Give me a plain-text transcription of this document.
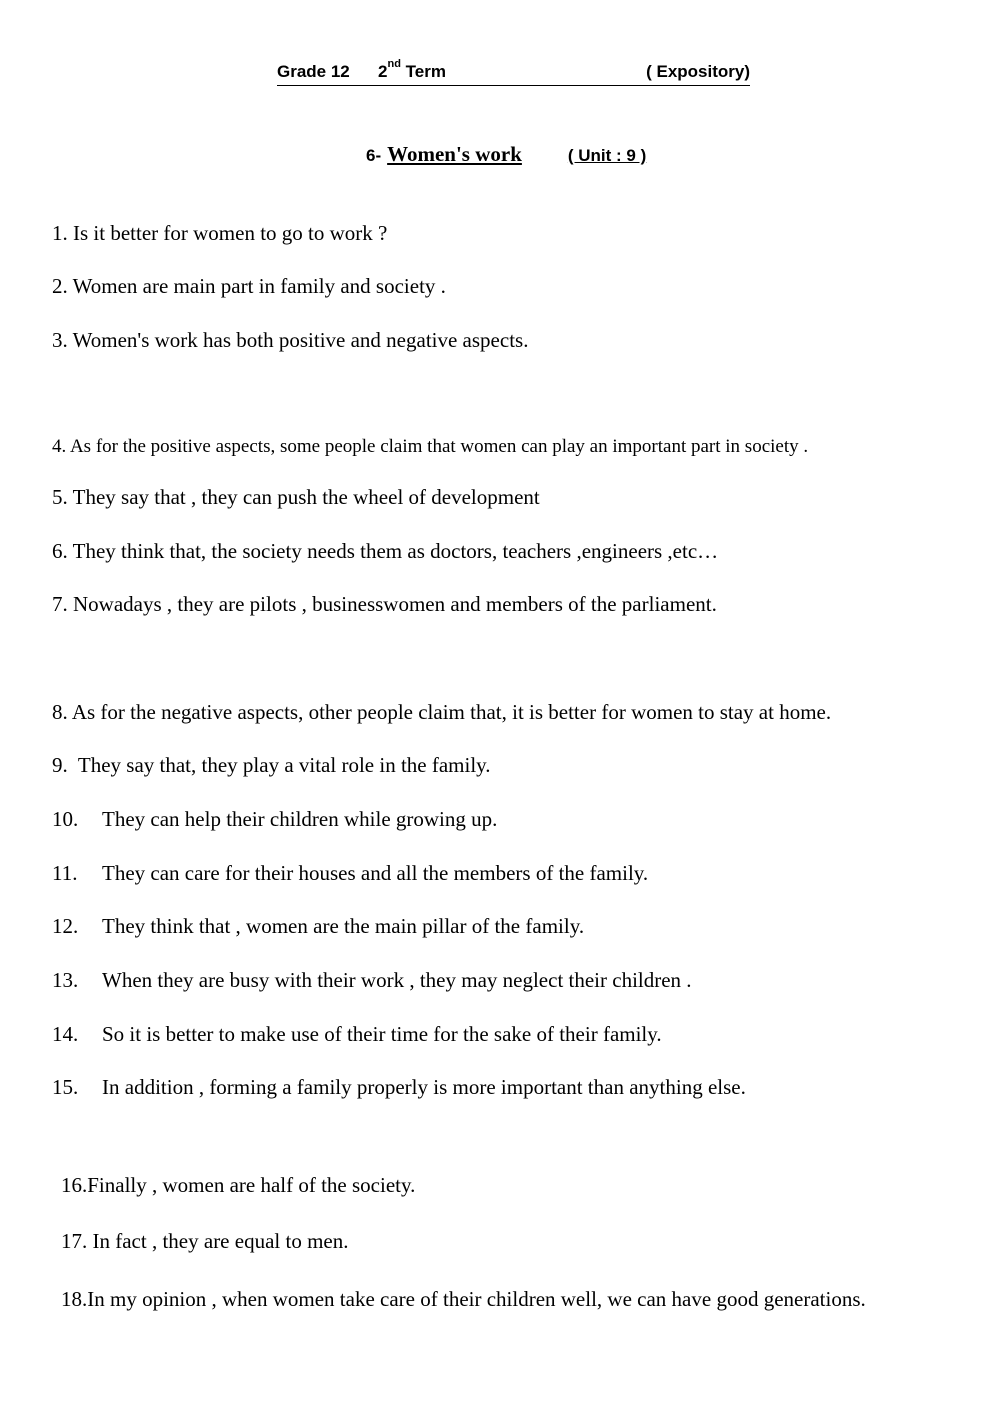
Grade 12 2nd Term	( Expository)
6- Women's work	( Unit : 9 )
1. Is it better for women to go to work ?
2. Women are main part in family and society .
3. Women's work has both positive and negative aspects.
4. As for the positive aspects, some people claim that women can play an important part in society .
5. They say that , they can push the wheel of development
6. They think that, the society needs them as doctors, teachers ,engineers ,etc…
7. Nowadays , they are pilots , businesswomen and members of the parliament.
8. As for the negative aspects, other people claim that, it is better for women to stay at home.
9. They say that, they play a vital role in the family.
10. They can help their children while growing up.
11. They can care for their houses and all the members of the family.
12. They think that , women are the main pillar of the family.
13. When they are busy with their work , they may neglect their children .
14. So it is better to make use of their time for the sake of their family.
15. In addition , forming a family properly is more important than anything else.
16.Finally , women are half of the society.
17. In fact , they are equal to men.
18.In my opinion , when women take care of their children well, we can have good generations.
